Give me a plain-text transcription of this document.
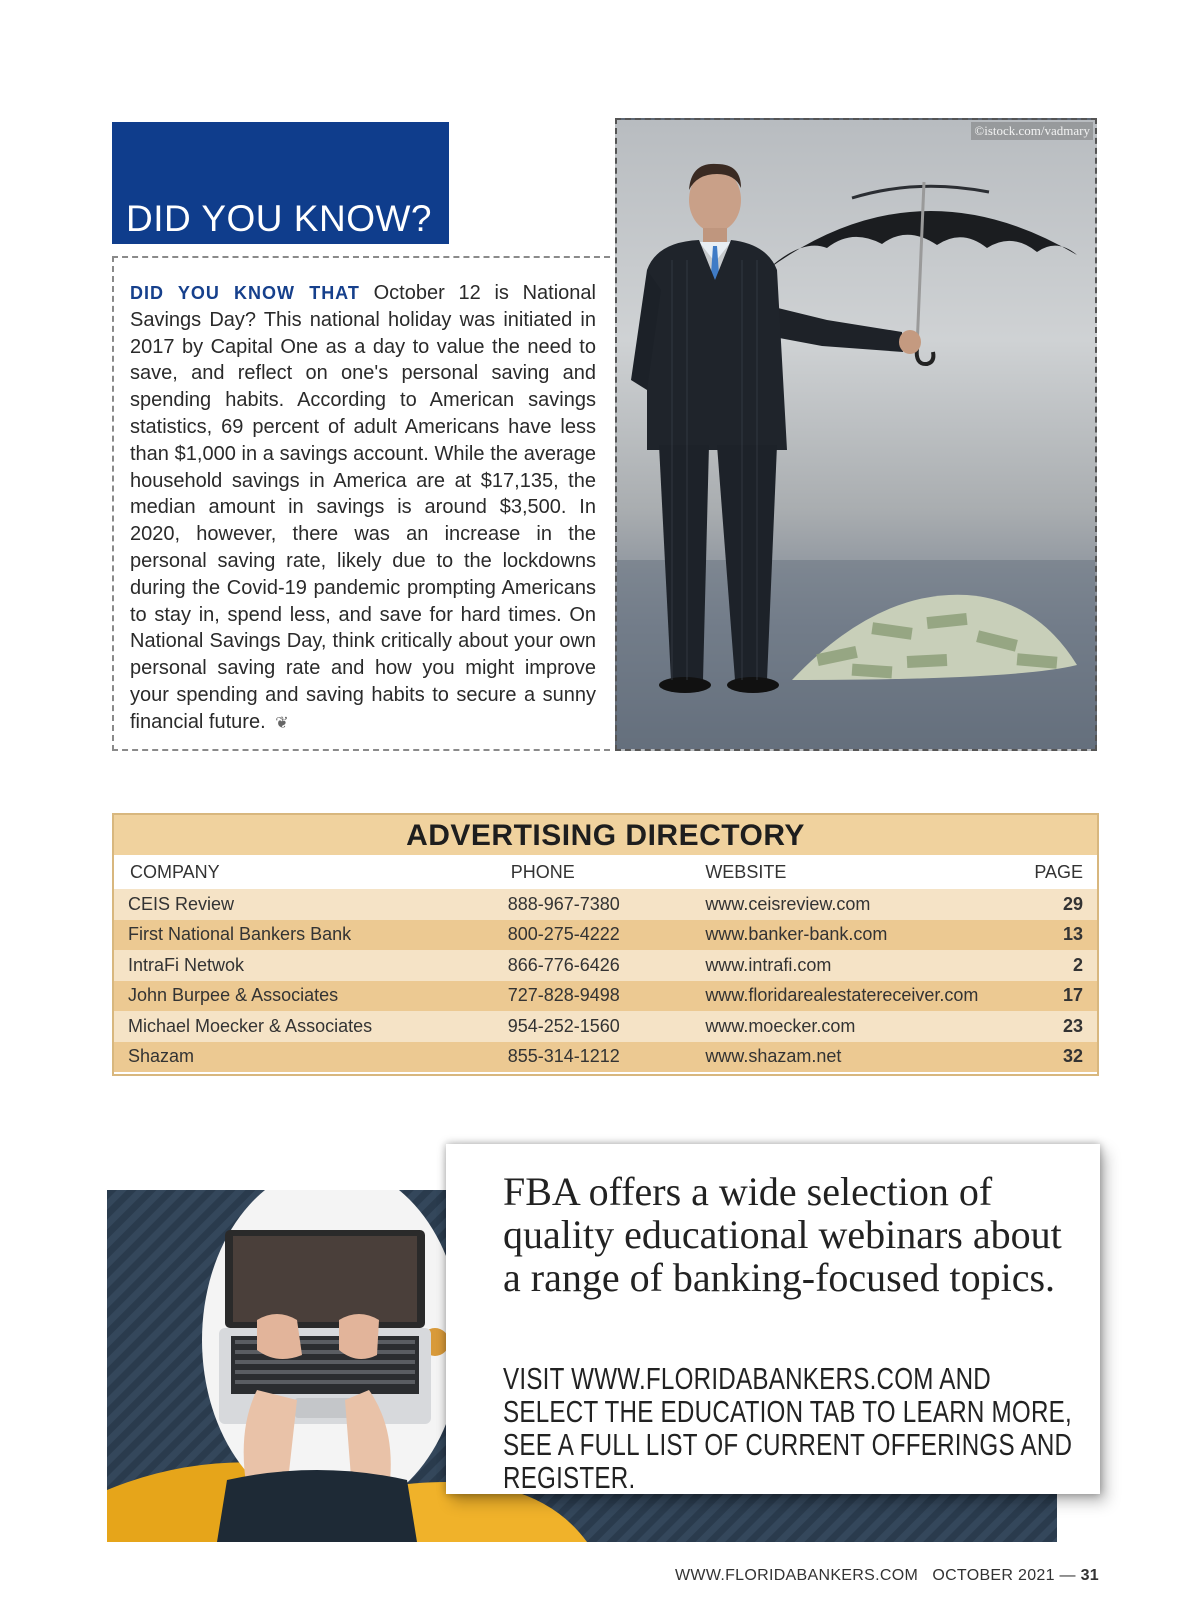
DID YOU KNOW?
DID YOU KNOW THAT October 12 is National Savings Day? This national holiday was initiated in 2017 by Capital One as a day to value the need to save, and reflect on one's personal saving and spending habits. According to American savings statistics, 69 percent of adult Americans have less than $1,000 in a savings account. While the average household savings in America are at $17,135, the median amount in savings is around $3,500. In 2020, however, there was an increase in the personal saving rate, likely due to the lockdowns during the Covid-19 pandemic prompting Americans to stay in, spend less, and save for hard times. On National Savings Day, think critically about your own personal saving rate and how you might improve your spending and saving habits to secure a sunny financial future. ❦
©istock.com/vadmary
ADVERTISING DIRECTORY
COMPANY	PHONE	WEBSITE	PAGE
CEIS Review	888-967-7380	www.ceisreview.com	29
First National Bankers Bank	800-275-4222	www.banker-bank.com	13
IntraFi Netwok	866-776-6426	www.intrafi.com	2
John Burpee & Associates	727-828-9498	www.floridarealestatereceiver.com	17
Michael Moecker & Associates	954-252-1560	www.moecker.com	23
Shazam	855-314-1212	www.shazam.net	32
FBA offers a wide selection of quality educational webinars about a range of banking-focused topics.
VISIT WWW.FLORIDABANKERS.COM AND SELECT THE EDUCATION TAB TO LEARN MORE, SEE A FULL LIST OF CURRENT OFFERINGS AND REGISTER.
WWW.FLORIDABANKERS.COM OCTOBER 2021 — 31
